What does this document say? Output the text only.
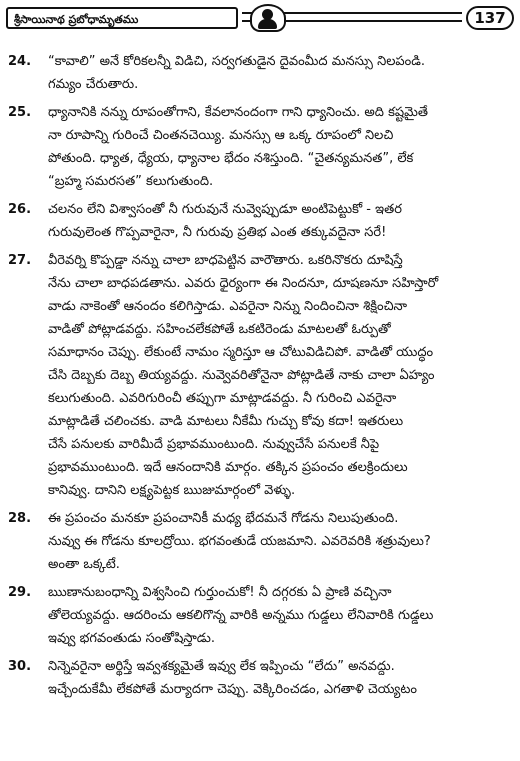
శ్రీసాయినాథ ప్రబోధామృతము	137
24.	“కావాలి” అనే కోరికలన్నీ విడిచి, సర్వగతుడైన దైవంమీద మనస్సు నిలపండి.
గమ్యం చేరుతారు.
25.	ధ్యానానికి నన్ను రూపంతోగాని, కేవలానందంగా గాని ధ్యానించు. అది కష్టమైతే
నా రూపాన్ని గురించే చింతనచెయ్యి. మనస్సు ఆ ఒక్క రూపంలో నిలచి
పోతుంది. ధ్యాత, ధ్యేయ, ధ్యానాల భేదం నశిస్తుంది. “చైతన్యమనత”, లేక
“బ్రహ్మ సమరసత” కలుగుతుంది.
26.	చలనం లేని విశ్వాసంతో నీ గురువునే నువ్వెప్పుడూ అంటిపెట్టుకో - ఇతర
గురువులెంత గొప్పవారైనా, నీ గురువు ప్రతిభ ఎంత తక్కువదైనా సరే!
27.	వీరెవర్ని కొప్పడ్డా నన్ను చాలా బాధపెట్టిన వారౌతారు. ఒకరినొకరు దూషిస్తే
నేను చాలా బాధపడతాను. ఎవరు ధైర్యంగా ఈ నిందనూ, దూషణనూ సహిస్తారో
వాడు నాకెంతో ఆనందం కలిగిస్తాడు. ఎవరైనా నిన్ను నిందించినా శిక్షించినా
వాడితో పోట్లాడవద్దు. సహించలేకపోతే ఒకటిరెండు మాటలతో ఓర్పుతో
సమాధానం చెప్పు. లేకుంటే నామం స్మరిస్తూ ఆ చోటువిడిచిపో. వాడితో యుద్ధం
చేసి దెబ్బకు దెబ్బ తియ్యవద్దు. నువ్వెవరితోనైనా పోట్లాడితే నాకు చాలా ఏహ్యం
కలుగుతుంది. ఎవరిగురించీ తప్పుగా మాట్లాడవద్దు. నీ గురించి ఎవరైనా
మాట్లాడితే చలించకు. వాడి మాటలు నీకేమీ గుచ్చు కోవు కదా! ఇతరులు
చేసే పనులకు వారిమీదే ప్రభావముంటుంది. నువ్వుచేసే పనులకే నీపై
ప్రభావముంటుంది. ఇదే ఆనందానికి మార్గం. తక్కిన ప్రపంచం తలక్రిందులు
కానివ్వు. దానిని లక్ష్యపెట్టక ఋజుమార్గంలో వెళ్ళు.
28.	ఈ ప్రపంచం మనకూ ప్రపంచానికీ మధ్య భేదమనే గోడను నిలుపుతుంది.
నువ్వు ఈ గోడను కూలద్రోయి. భగవంతుడే యజమాని. ఎవరెవరికి శత్రువులు?
అంతా ఒక్కటే.
29.	ఋణానుబంధాన్ని విశ్వసించి గుర్తుంచుకో! నీ దగ్గరకు ఏ ప్రాణి వచ్చినా
తోలెయ్యవద్దు. ఆదరించు ఆకలిగొన్న వారికి అన్నము గుడ్డలు లేనివారికి గుడ్డలు
ఇవ్వు భగవంతుడు సంతోషిస్తాడు.
30.	నిన్నెవరైనా అర్థిస్తే ఇవ్వశక్యమైతే ఇవ్వు లేక ఇప్పించు “లేదు” అనవద్దు.
ఇచ్చేందుకేమీ లేకపోతే మర్యాదగా చెప్పు. వెక్కిరించడం, ఎగతాళి చెయ్యటం
